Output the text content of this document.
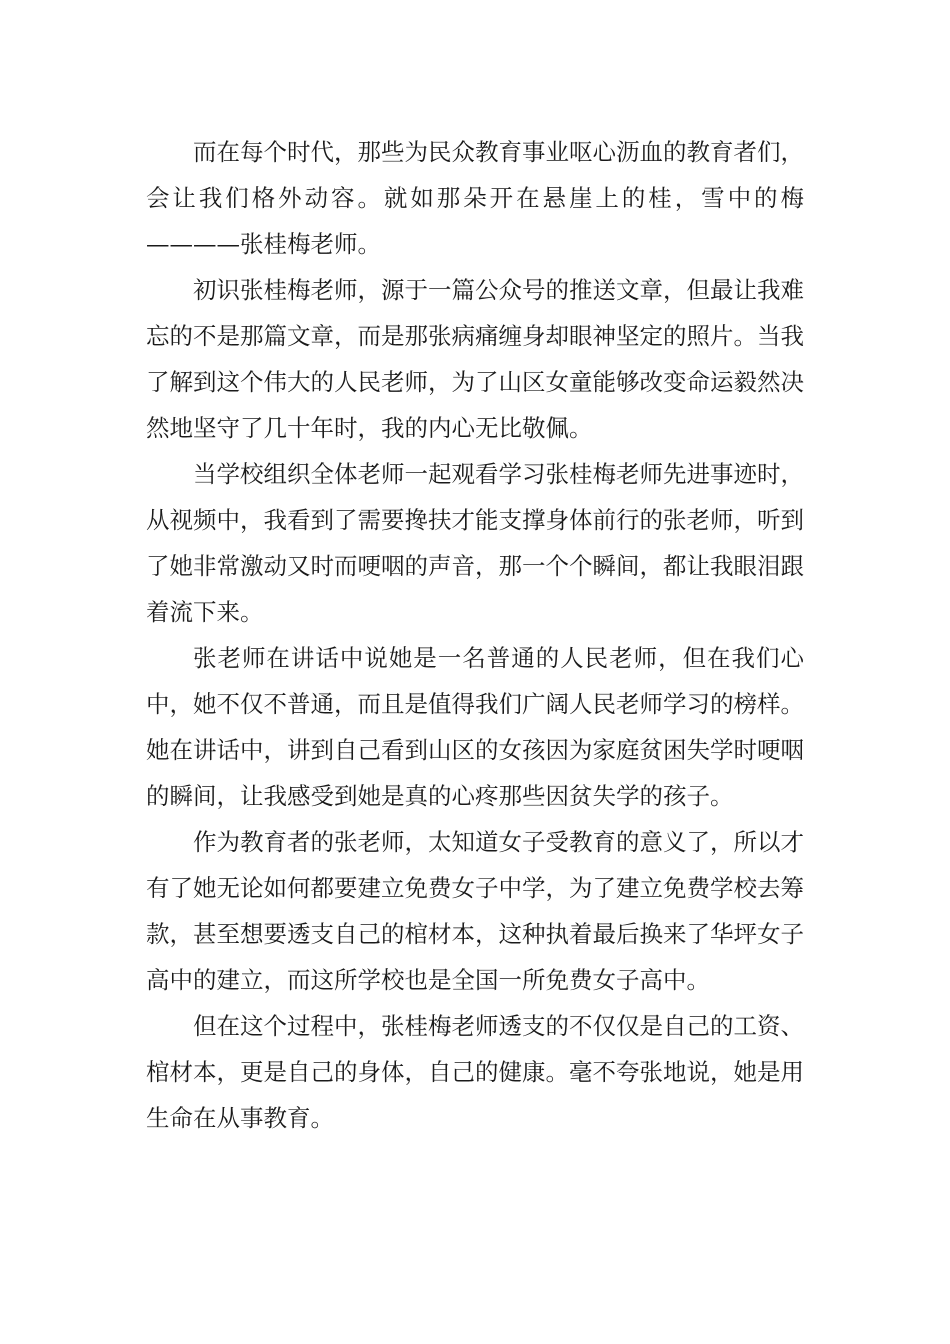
而在每个时代，那些为民众教育事业呕心沥血的教育者们，会让我们格外动容。就如那朵开在悬崖上的桂，雪中的梅————张桂梅老师。

初识张桂梅老师，源于一篇公众号的推送文章，但最让我难忘的不是那篇文章，而是那张病痛缠身却眼神坚定的照片。当我了解到这个伟大的人民老师，为了山区女童能够改变命运毅然决然地坚守了几十年时，我的内心无比敬佩。

当学校组织全体老师一起观看学习张桂梅老师先进事迹时，从视频中，我看到了需要搀扶才能支撑身体前行的张老师，听到了她非常激动又时而哽咽的声音，那一个个瞬间，都让我眼泪跟着流下来。

张老师在讲话中说她是一名普通的人民老师，但在我们心中，她不仅不普通，而且是值得我们广阔人民老师学习的榜样。她在讲话中，讲到自己看到山区的女孩因为家庭贫困失学时哽咽的瞬间，让我感受到她是真的心疼那些因贫失学的孩子。

作为教育者的张老师，太知道女子受教育的意义了，所以才有了她无论如何都要建立免费女子中学，为了建立免费学校去筹款，甚至想要透支自己的棺材本，这种执着最后换来了华坪女子高中的建立，而这所学校也是全国一所免费女子高中。

但在这个过程中，张桂梅老师透支的不仅仅是自己的工资、棺材本，更是自己的身体，自己的健康。毫不夸张地说，她是用生命在从事教育。
